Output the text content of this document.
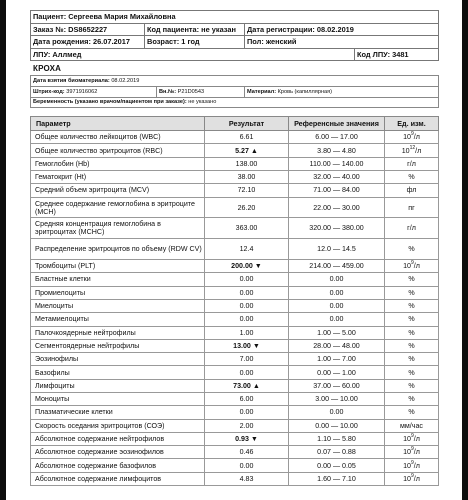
Пациент: Сергеева Мария Михайловна		
Заказ №: DS8652227	Код пациента: не указан	Дата регистрации: 08.02.2019
Дата рождения: 26.07.2017	Возраст: 1 год	Пол: женский
ЛПУ: Аллмед	Код ЛПУ: 3481
КРОХА
Дата взятия биоматериала: 08.02.2019
Штрих-код: 3971916062	Вн.№: P21D0543	Материал: Кровь (капиллярная)
Беременность (указано врачом/пациентом при заказе): не указано
Параметр	Результат	Референсные значения	Ед. изм.
Общее количество лейкоцитов (WBC)	6.61	6.00 — 17.00	$10^9/л$
Общее количество эритроцитов (RBC)	5.27 ▲	3.80 — 4.80	$10^{12}/л$
Гемоглобин (Hb)	138.00	110.00 — 140.00	г/л
Гематокрит (Ht)	38.00	32.00 — 40.00	%
Средний объем эритроцита (MCV)	72.10	71.00 — 84.00	фл
Среднее содержание гемоглобина в эритроците (MCH)	26.20	22.00 — 30.00	пг
Средняя концентрация гемоглобина в эритроцитах (MCHC)	363.00	320.00 — 380.00	г/л
Распределение эритроцитов по объему (RDW CV)	12.4	12.0 — 14.5	%
Тромбоциты (PLT)	200.00 ▼	214.00 — 459.00	$10^9/л$
Бластные клетки	0.00	0.00	%
Промиелоциты	0.00	0.00	%
Миелоциты	0.00	0.00	%
Метамиелоциты	0.00	0.00	%
Палочкоядерные нейтрофилы	1.00	1.00 — 5.00	%
Сегментоядерные нейтрофилы	13.00 ▼	28.00 — 48.00	%
Эозинофилы	7.00	1.00 — 7.00	%
Базофилы	0.00	0.00 — 1.00	%
Лимфоциты	73.00 ▲	37.00 — 60.00	%
Моноциты	6.00	3.00 — 10.00	%
Плазматические клетки	0.00	0.00	%
Скорость оседания эритроцитов (СОЭ)	2.00	0.00 — 10.00	мм/час
Абсолютное содержание нейтрофилов	0.93 ▼	1.10 — 5.80	$10^9/л$
Абсолютное содержание эозинофилов	0.46	0.07 — 0.88	$10^9/л$
Абсолютное содержание базофилов	0.00	0.00 — 0.05	$10^9/л$
Абсолютное содержание лимфоцитов	4.83	1.60 — 7.10	$10^9/л$
